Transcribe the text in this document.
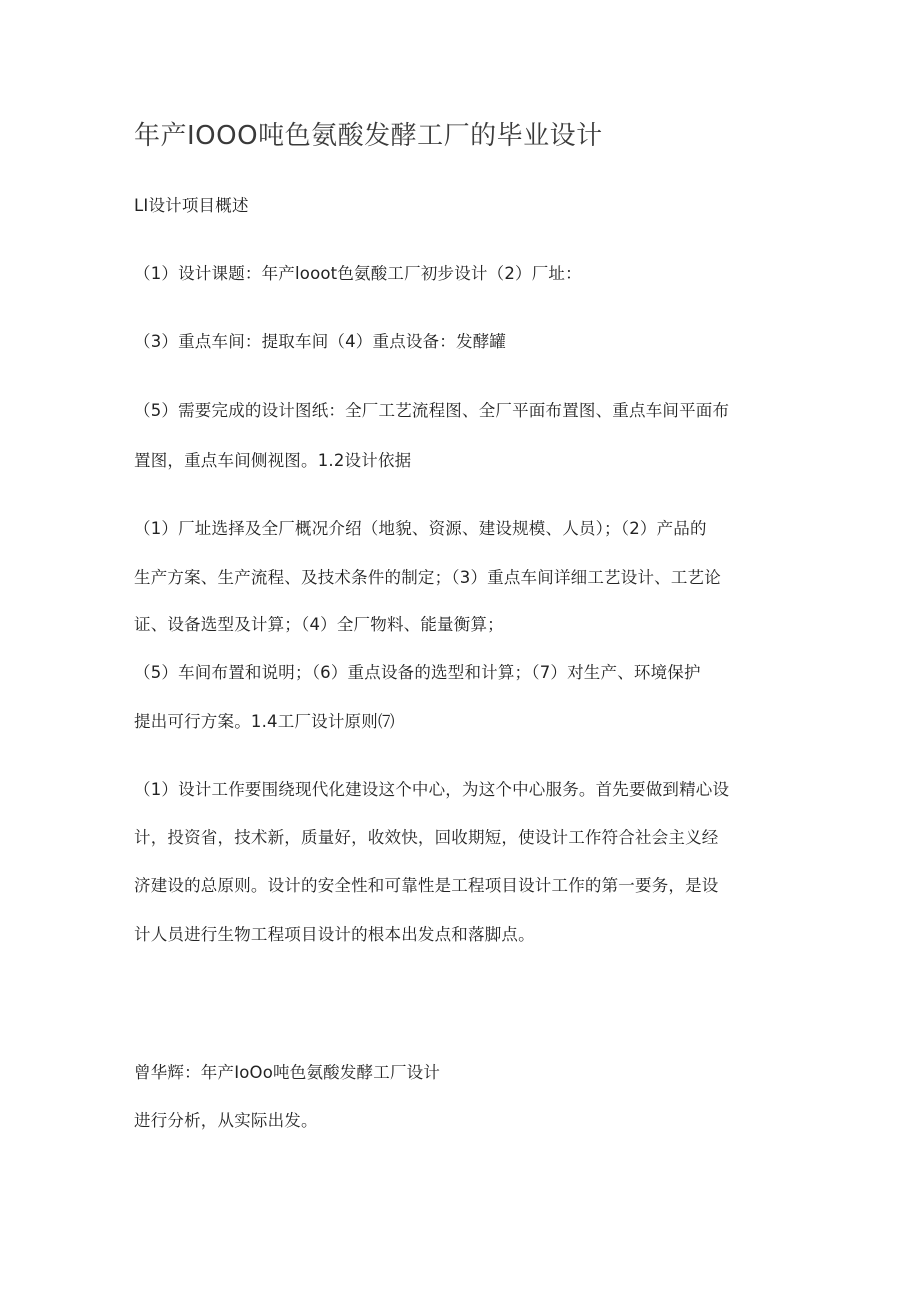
年产IOOO吨色氨酸发酵工厂的毕业设计
LI设计项目概述
（1）设计课题：年产looot色氨酸工厂初步设计（2）厂址：
（3）重点车间：提取车间（4）重点设备：发酵罐
（5）需要完成的设计图纸：全厂工艺流程图、全厂平面布置图、重点车间平面布
置图，重点车间侧视图。1.2设计依据
（1）厂址选择及全厂概况介绍（地貌、资源、建设规模、人员）；（2）产品的
生产方案、生产流程、及技术条件的制定；（3）重点车间详细工艺设计、工艺论
证、设备选型及计算；（4）全厂物料、能量衡算；
（5）车间布置和说明；（6）重点设备的选型和计算；（7）对生产、环境保护
提出可行方案。1.4工厂设计原则⑺
（1）设计工作要围绕现代化建设这个中心，为这个中心服务。首先要做到精心设
计，投资省，技术新，质量好，收效快，回收期短，使设计工作符合社会主义经
济建设的总原则。设计的安全性和可靠性是工程项目设计工作的第一要务，是设
计人员进行生物工程项目设计的根本出发点和落脚点。
曾华辉：年产IoOo吨色氨酸发酵工厂设计
进行分析，从实际出发。
